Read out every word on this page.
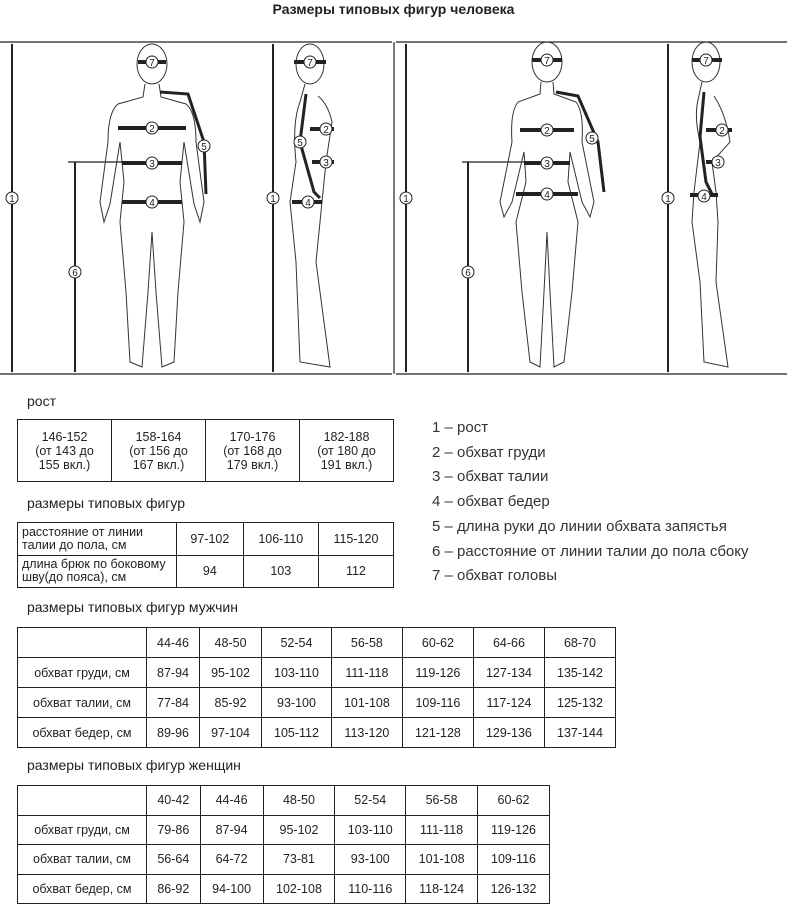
Размеры типовых фигур человека
1
2
3
4
5
6
7
1
2
3
4
5
7
1
2
3
4
5
6
7
1
2
3
4
7
рост
146-152
(от 143 до
155 вкл.)

158-164
(от 156 до
167 вкл.)

170-176
(от 168 до
179 вкл.)

182-188
(от 180 до
191 вкл.)
размеры типовых фигур
расстояние от линии
талии до пола, см	97-102	106-110	115-120

длина брюк по боковому
шву(до пояса), см	94	103	112
размеры типовых фигур мужчин
	44-46	48-50	52-54	56-58	60-62	64-66	68-70
обхват груди, см	87-94	95-102	103-110	111-118	119-126	127-134	135-142
обхват талии, см	77-84	85-92	93-100	101-108	109-116	117-124	125-132
обхват бедер, см	89-96	97-104	105-112	113-120	121-128	129-136	137-144
размеры типовых фигур женщин
	40-42	44-46	48-50	52-54	56-58	60-62
обхват груди, см	79-86	87-94	95-102	103-110	111-118	119-126
обхват талии, см	56-64	64-72	73-81	93-100	101-108	109-116
обхват бедер, см	86-92	94-100	102-108	110-116	118-124	126-132
1 – рост
2 – обхват груди
3 – обхват талии
4 – обхват бедер
5 – длина руки до линии обхвата запястья
6 – расстояние от линии талии до пола сбоку
7 – обхват головы
